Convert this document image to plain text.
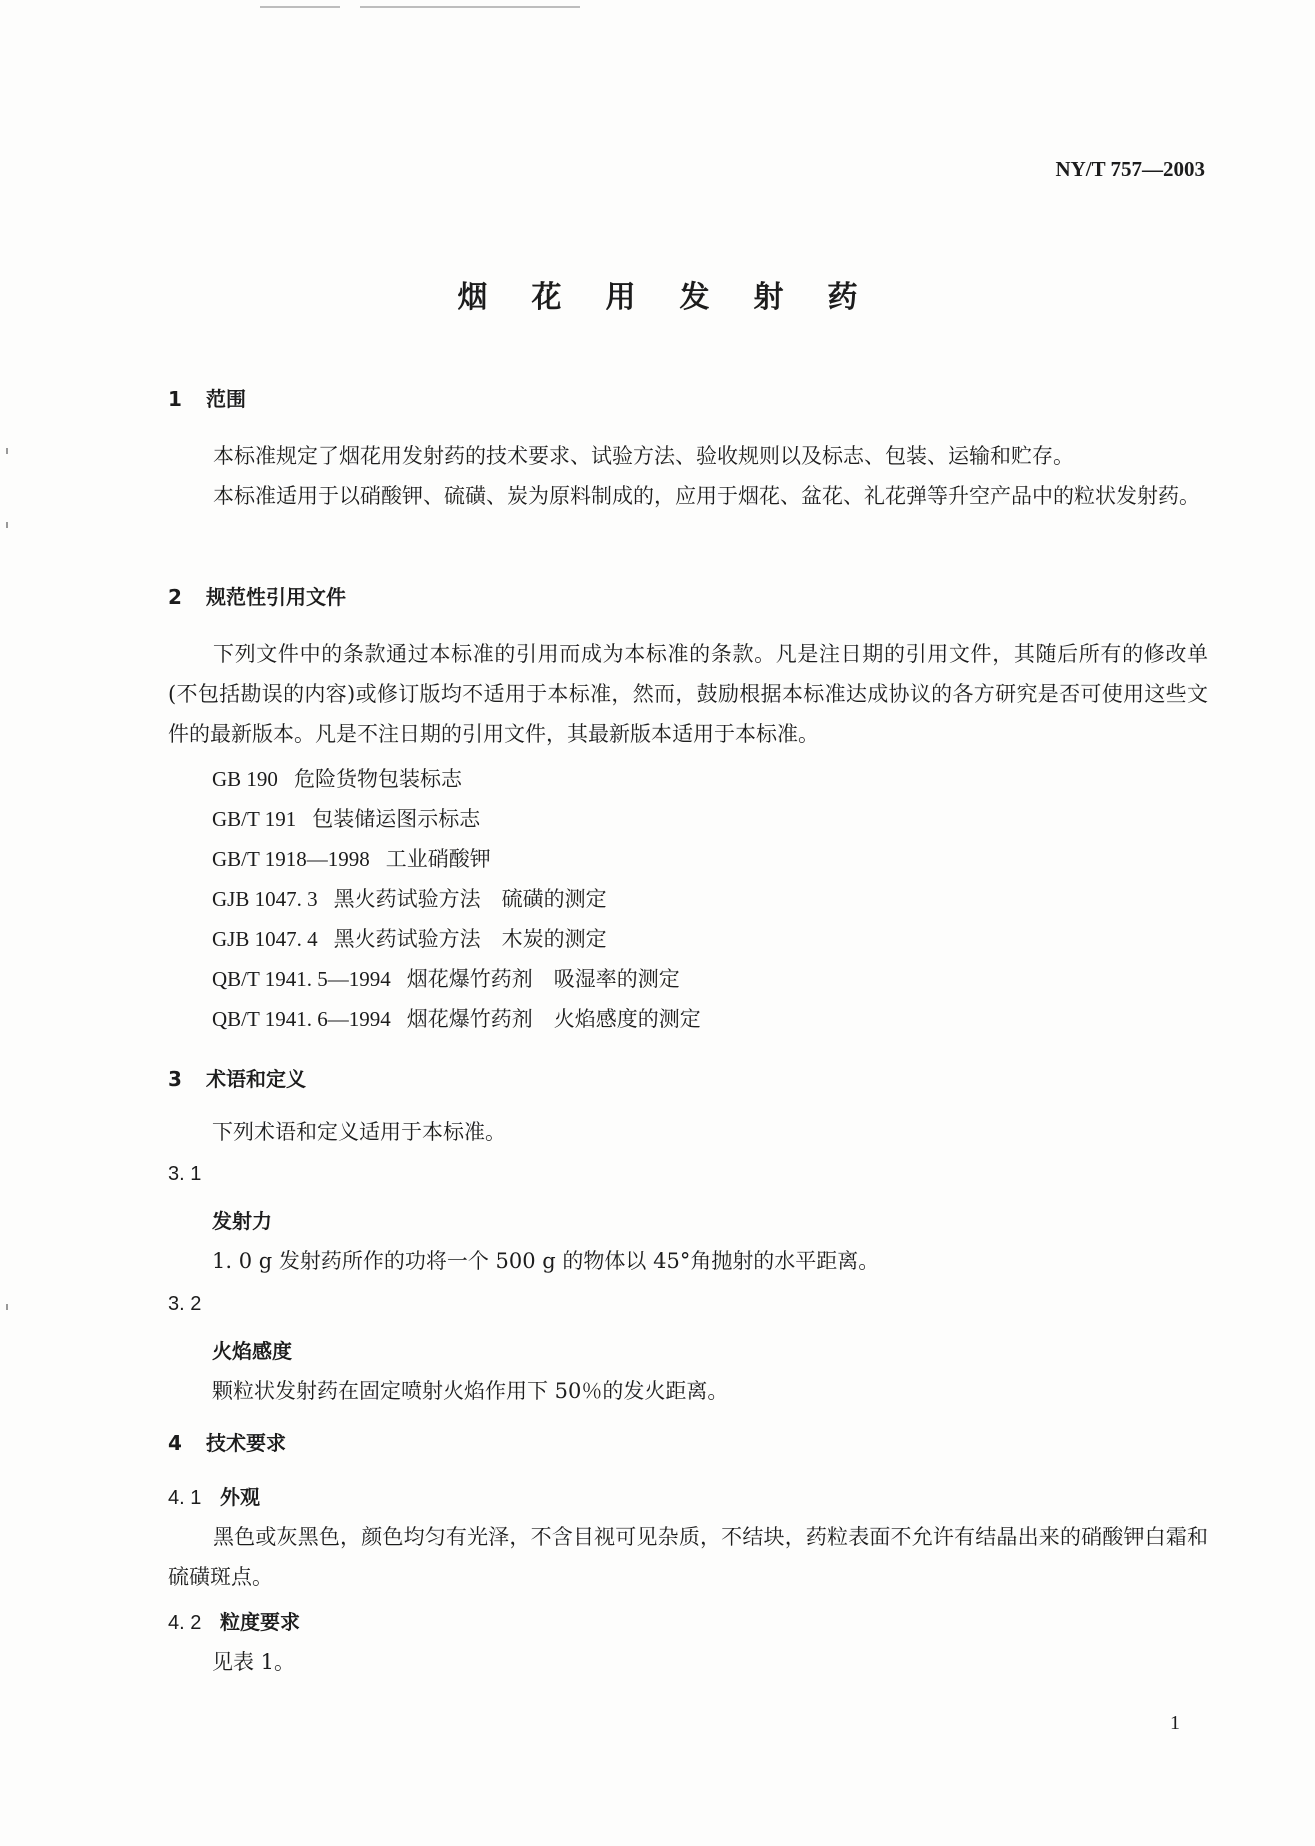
NY/T 757—2003
烟花用发射药
1 范围
本标准规定了烟花用发射药的技术要求、试验方法、验收规则以及标志、包装、运输和贮存。
本标准适用于以硝酸钾、硫磺、炭为原料制成的，应用于烟花、盆花、礼花弹等升空产品中的粒状发射药。
2 规范性引用文件
下列文件中的条款通过本标准的引用而成为本标准的条款。凡是注日期的引用文件，其随后所有的修改单(不包括勘误的内容)或修订版均不适用于本标准，然而，鼓励根据本标准达成协议的各方研究是否可使用这些文件的最新版本。凡是不注日期的引用文件，其最新版本适用于本标准。
GB 190　 危险货物包装标志
GB/T 191　 包装储运图示标志
GB/T 1918—1998　 工业硝酸钾
GJB 1047. 3　 黑火药试验方法　硫磺的测定
GJB 1047. 4　 黑火药试验方法　木炭的测定
QB/T 1941. 5—1994　 烟花爆竹药剂　吸湿率的测定
QB/T 1941. 6—1994　 烟花爆竹药剂　火焰感度的测定
3 术语和定义
下列术语和定义适用于本标准。
3. 1
发射力
1. 0 g 发射药所作的功将一个 500 g 的物体以 45°角抛射的水平距离。
3. 2
火焰感度
颗粒状发射药在固定喷射火焰作用下 50％的发火距离。
4 技术要求
4. 1 外观
黑色或灰黑色，颜色均匀有光泽，不含目视可见杂质，不结块，药粒表面不允许有结晶出来的硝酸钾白霜和硫磺斑点。
4. 2 粒度要求
见表 1。
1
